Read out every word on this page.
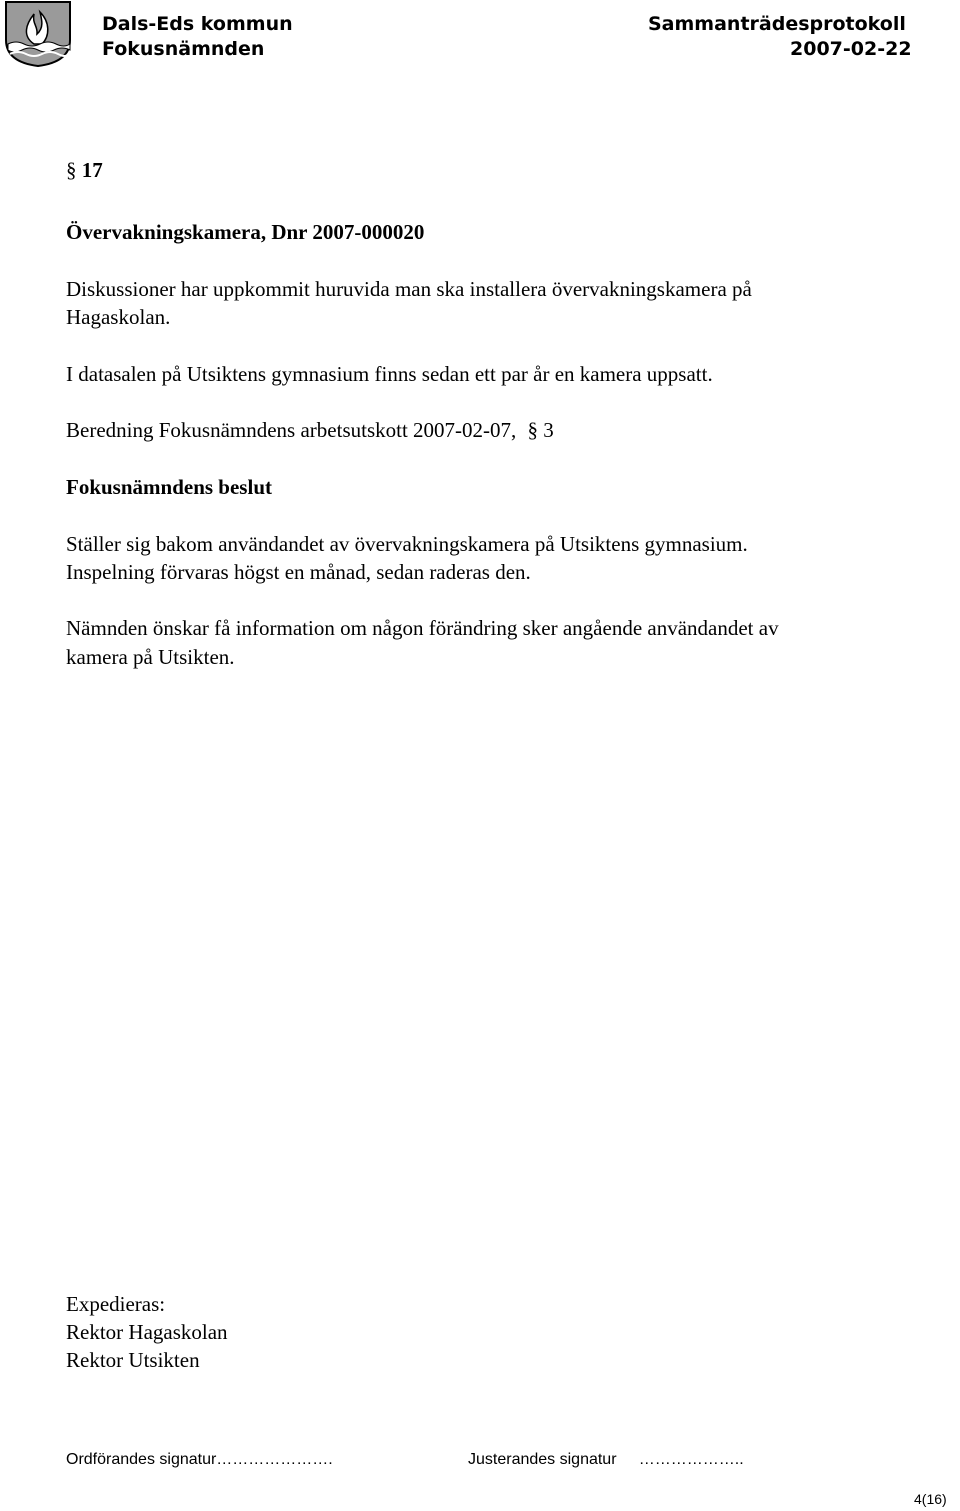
Dals-Eds kommun
Fokusnämnden
Sammanträdesprotokoll
2007-02-22
§ 17
Övervakningskamera, Dnr 2007-000020
Diskussioner har uppkommit huruvida man ska installera övervakningskamera på
Hagaskolan.
I datasalen på Utsiktens gymnasium finns sedan ett par år en kamera uppsatt.
Beredning Fokusnämndens arbetsutskott 2007-02-07, § 3
Fokusnämndens beslut
Ställer sig bakom användandet av övervakningskamera på Utsiktens gymnasium.
Inspelning förvaras högst en månad, sedan raderas den.
Nämnden önskar få information om någon förändring sker angående användandet av
kamera på Utsikten.
Expedieras:
Rektor Hagaskolan
Rektor Utsikten
Ordförandes signatur………………….	Justerandes signatur     ………………..
4(16)
